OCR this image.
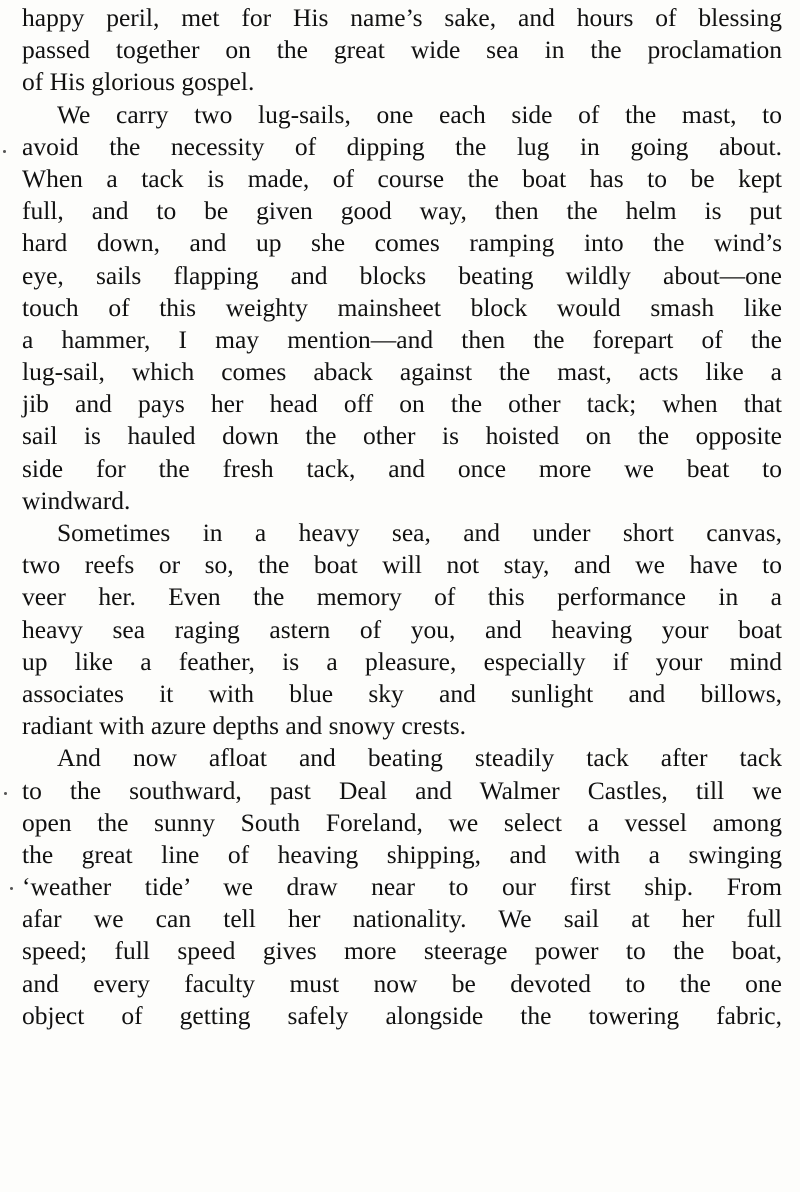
happy peril, met for His name’s sake, and hours of blessing
passed together on the great wide sea in the proclamation
of His glorious gospel.
We carry two lug-sails, one each side of the mast, to
avoid the necessity of dipping the lug in going about.
When a tack is made, of course the boat has to be kept
full, and to be given good way, then the helm is put
hard down, and up she comes ramping into the wind’s
eye, sails flapping and blocks beating wildly about—one
touch of this weighty mainsheet block would smash like
a hammer, I may mention—and then the forepart of the
lug-sail, which comes aback against the mast, acts like a
jib and pays her head off on the other tack; when that
sail is hauled down the other is hoisted on the opposite
side for the fresh tack, and once more we beat to
windward.
Sometimes in a heavy sea, and under short canvas,
two reefs or so, the boat will not stay, and we have to
veer her. Even the memory of this performance in a
heavy sea raging astern of you, and heaving your boat
up like a feather, is a pleasure, especially if your mind
associates it with blue sky and sunlight and billows,
radiant with azure depths and snowy crests.
And now afloat and beating steadily tack after tack
to the southward, past Deal and Walmer Castles, till we
open the sunny South Foreland, we select a vessel among
the great line of heaving shipping, and with a swinging
‘weather tide’ we draw near to our first ship. From
afar we can tell her nationality. We sail at her full
speed; full speed gives more steerage power to the boat,
and every faculty must now be devoted to the one
object of getting safely alongside the towering fabric,
